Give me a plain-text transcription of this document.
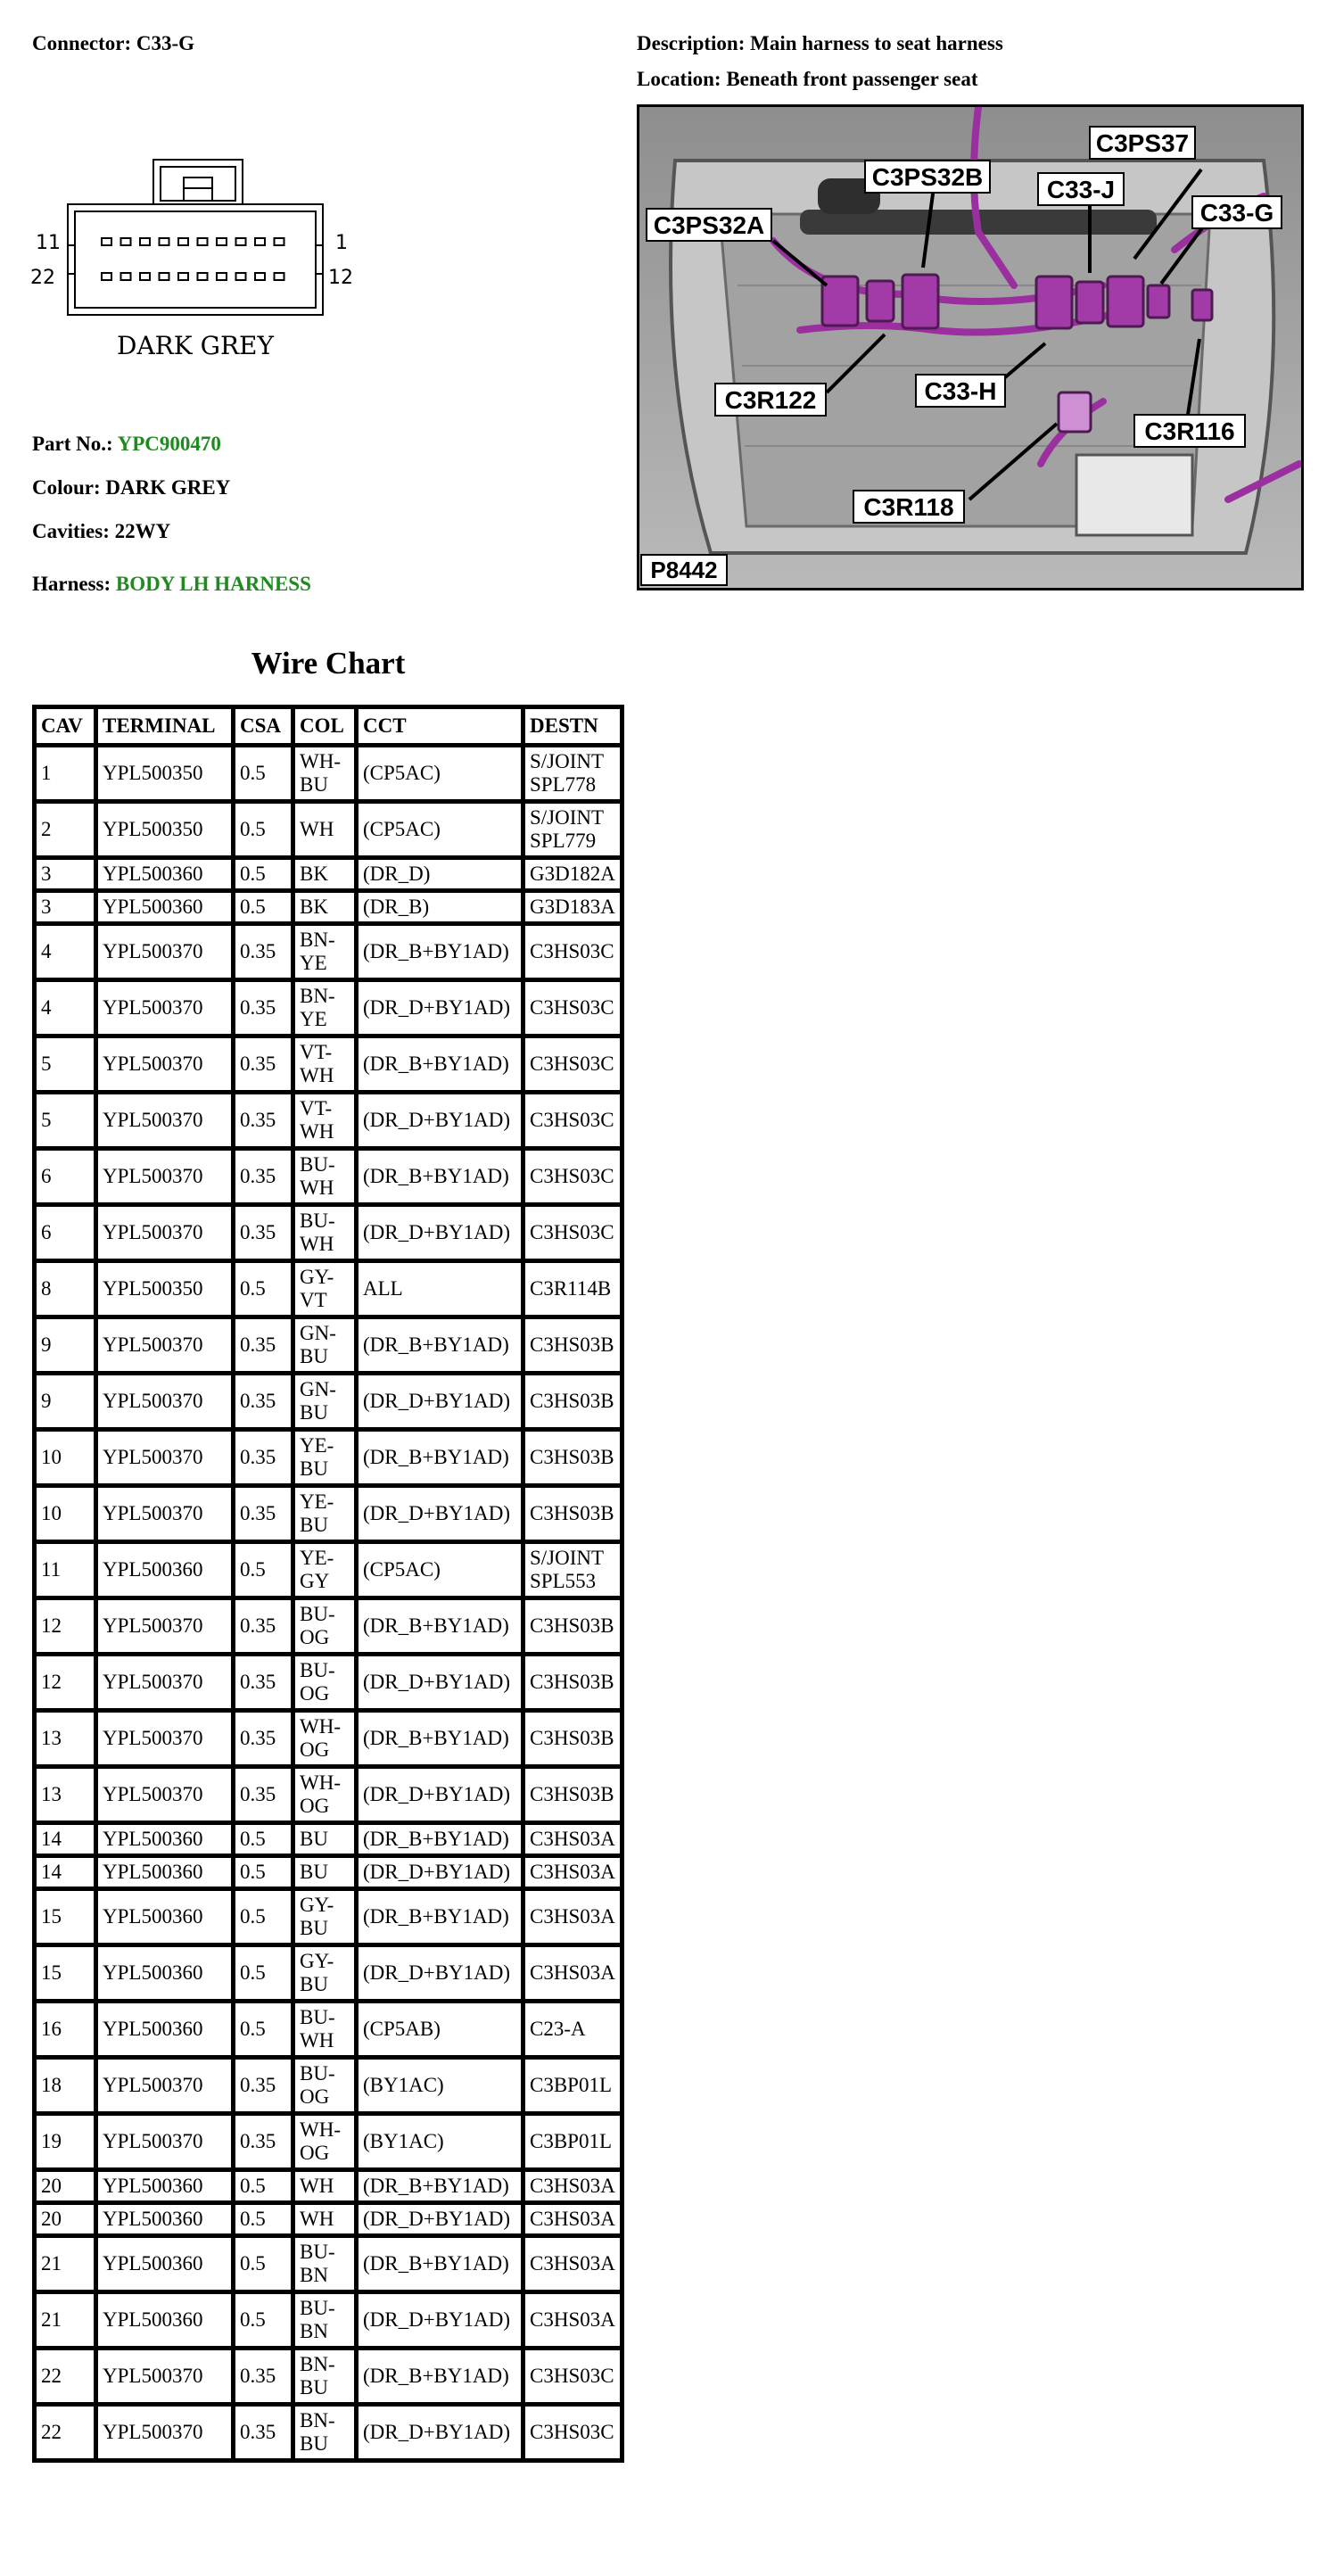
Connector: C33-G	Description: Main harness to seat harness
Location: Beneath front passenger seat
11	1
22	12
DARK GREY
Part No.: YPC900470
Colour: DARK GREY
Cavities: 22WY
Harness: BODY LH HARNESS
C3PS37
C3PS32B	C33-J
C33-G
C3PS32A
C3R122	C33-H
C3R116
C3R118
P8442
Wire Chart
CAV	TERMINAL	CSA	COL	CCT	DESTN
1	YPL500350	0.5	WH-
BU	(CP5AC)	S/JOINT
SPL778
2	YPL500350	0.5	WH	(CP5AC)	S/JOINT
SPL779
3	YPL500360	0.5	BK	(DR_D)	G3D182A
3	YPL500360	0.5	BK	(DR_B)	G3D183A
4	YPL500370	0.35	BN-
YE	(DR_B+BY1AD)	C3HS03C
4	YPL500370	0.35	BN-
YE	(DR_D+BY1AD)	C3HS03C
5	YPL500370	0.35	VT-
WH	(DR_B+BY1AD)	C3HS03C
5	YPL500370	0.35	VT-
WH	(DR_D+BY1AD)	C3HS03C
6	YPL500370	0.35	BU-
WH	(DR_B+BY1AD)	C3HS03C
6	YPL500370	0.35	BU-
WH	(DR_D+BY1AD)	C3HS03C
8	YPL500350	0.5	GY-
VT	ALL	C3R114B
9	YPL500370	0.35	GN-
BU	(DR_B+BY1AD)	C3HS03B
9	YPL500370	0.35	GN-
BU	(DR_D+BY1AD)	C3HS03B
10	YPL500370	0.35	YE-
BU	(DR_B+BY1AD)	C3HS03B
10	YPL500370	0.35	YE-
BU	(DR_D+BY1AD)	C3HS03B
11	YPL500360	0.5	YE-
GY	(CP5AC)	S/JOINT
SPL553
12	YPL500370	0.35	BU-
OG	(DR_B+BY1AD)	C3HS03B
12	YPL500370	0.35	BU-
OG	(DR_D+BY1AD)	C3HS03B
13	YPL500370	0.35	WH-
OG	(DR_B+BY1AD)	C3HS03B
13	YPL500370	0.35	WH-
OG	(DR_D+BY1AD)	C3HS03B
14	YPL500360	0.5	BU	(DR_B+BY1AD)	C3HS03A
14	YPL500360	0.5	BU	(DR_D+BY1AD)	C3HS03A
15	YPL500360	0.5	GY-
BU	(DR_B+BY1AD)	C3HS03A
15	YPL500360	0.5	GY-
BU	(DR_D+BY1AD)	C3HS03A
16	YPL500360	0.5	BU-
WH	(CP5AB)	C23-A
18	YPL500370	0.35	BU-
OG	(BY1AC)	C3BP01L
19	YPL500370	0.35	WH-
OG	(BY1AC)	C3BP01L
20	YPL500360	0.5	WH	(DR_B+BY1AD)	C3HS03A
20	YPL500360	0.5	WH	(DR_D+BY1AD)	C3HS03A
21	YPL500360	0.5	BU-
BN	(DR_B+BY1AD)	C3HS03A
21	YPL500360	0.5	BU-
BN	(DR_D+BY1AD)	C3HS03A
22	YPL500370	0.35	BN-
BU	(DR_B+BY1AD)	C3HS03C
22	YPL500370	0.35	BN-
BU	(DR_D+BY1AD)	C3HS03C
